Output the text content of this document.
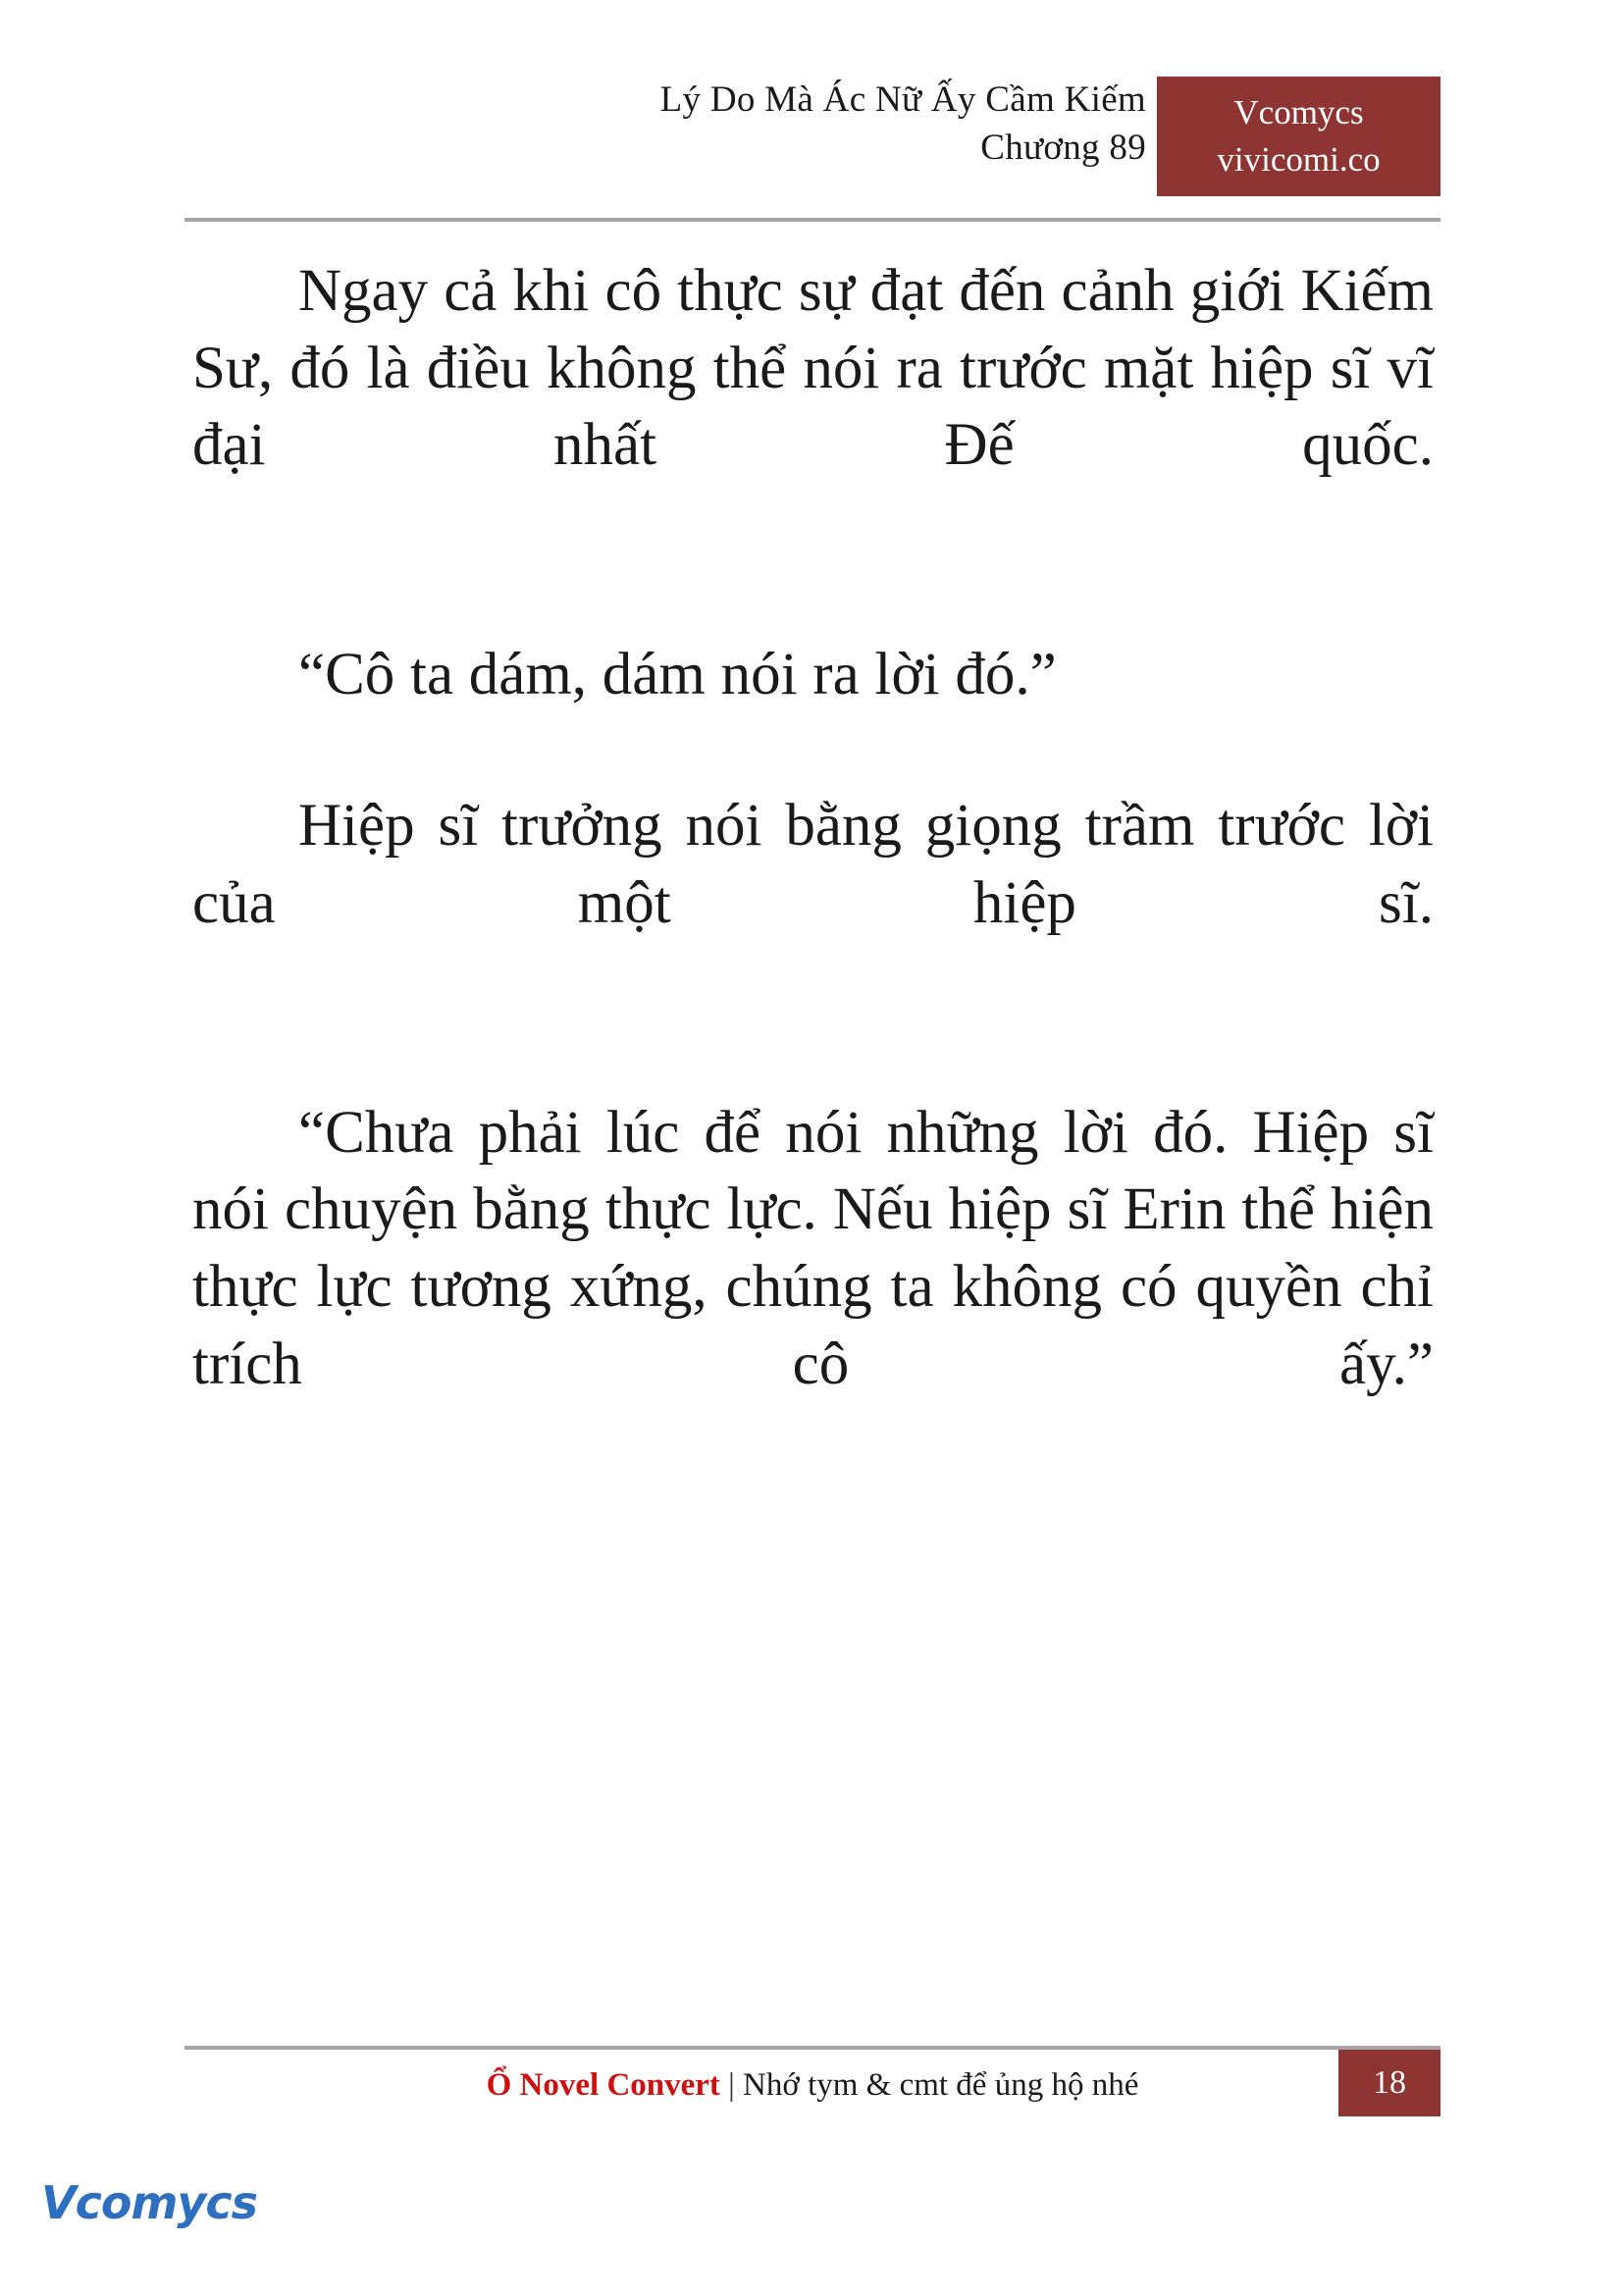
Lý Do Mà Ác Nữ Ấy Cầm Kiếm
Chương 89
Vcomycs
vivicomi.co

Ngay cả khi cô thực sự đạt đến cảnh giới Kiếm Sư, đó là điều không thể nói ra trước mặt hiệp sĩ vĩ đại nhất Đế quốc.

“Cô ta dám, dám nói ra lời đó.”

Hiệp sĩ trưởng nói bằng giọng trầm trước lời của một hiệp sĩ.

“Chưa phải lúc để nói những lời đó. Hiệp sĩ nói chuyện bằng thực lực. Nếu hiệp sĩ Erin thể hiện thực lực tương xứng, chúng ta không có quyền chỉ trích cô ấy.”

Ổ Novel Convert | Nhớ tym & cmt để ủng hộ nhé	18
Vcomycs
